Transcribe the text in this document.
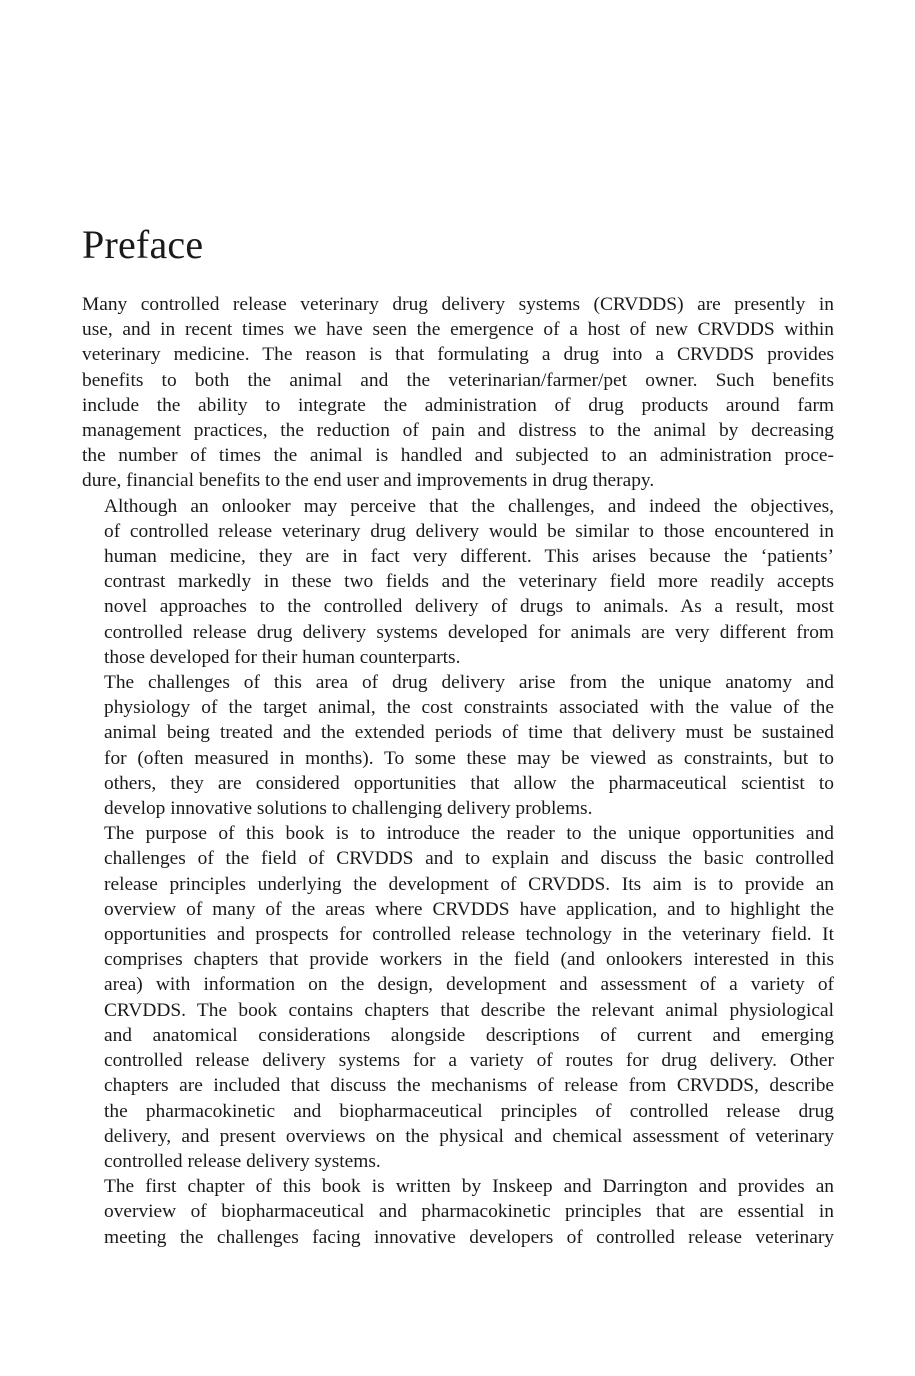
Preface

Many controlled release veterinary drug delivery systems (CRVDDS) are presently in
use, and in recent times we have seen the emergence of a host of new CRVDDS within
veterinary medicine. The reason is that formulating a drug into a CRVDDS provides
benefits to both the animal and the veterinarian/farmer/pet owner. Such benefits
include the ability to integrate the administration of drug products around farm
management practices, the reduction of pain and distress to the animal by decreasing
the number of times the animal is handled and subjected to an administration proce-
dure, financial benefits to the end user and improvements in drug therapy.

Although an onlooker may perceive that the challenges, and indeed the objectives,
of controlled release veterinary drug delivery would be similar to those encountered in
human medicine, they are in fact very different. This arises because the ‘patients’
contrast markedly in these two fields and the veterinary field more readily accepts
novel approaches to the controlled delivery of drugs to animals. As a result, most
controlled release drug delivery systems developed for animals are very different from
those developed for their human counterparts.

The challenges of this area of drug delivery arise from the unique anatomy and
physiology of the target animal, the cost constraints associated with the value of the
animal being treated and the extended periods of time that delivery must be sustained
for (often measured in months). To some these may be viewed as constraints, but to
others, they are considered opportunities that allow the pharmaceutical scientist to
develop innovative solutions to challenging delivery problems.

The purpose of this book is to introduce the reader to the unique opportunities and
challenges of the field of CRVDDS and to explain and discuss the basic controlled
release principles underlying the development of CRVDDS. Its aim is to provide an
overview of many of the areas where CRVDDS have application, and to highlight the
opportunities and prospects for controlled release technology in the veterinary field. It
comprises chapters that provide workers in the field (and onlookers interested in this
area) with information on the design, development and assessment of a variety of
CRVDDS. The book contains chapters that describe the relevant animal physiological
and anatomical considerations alongside descriptions of current and emerging
controlled release delivery systems for a variety of routes for drug delivery. Other
chapters are included that discuss the mechanisms of release from CRVDDS, describe
the pharmacokinetic and biopharmaceutical principles of controlled release drug
delivery, and present overviews on the physical and chemical assessment of veterinary
controlled release delivery systems.

The first chapter of this book is written by Inskeep and Darrington and provides an
overview of biopharmaceutical and pharmacokinetic principles that are essential in
meeting the challenges facing innovative developers of controlled release veterinary
